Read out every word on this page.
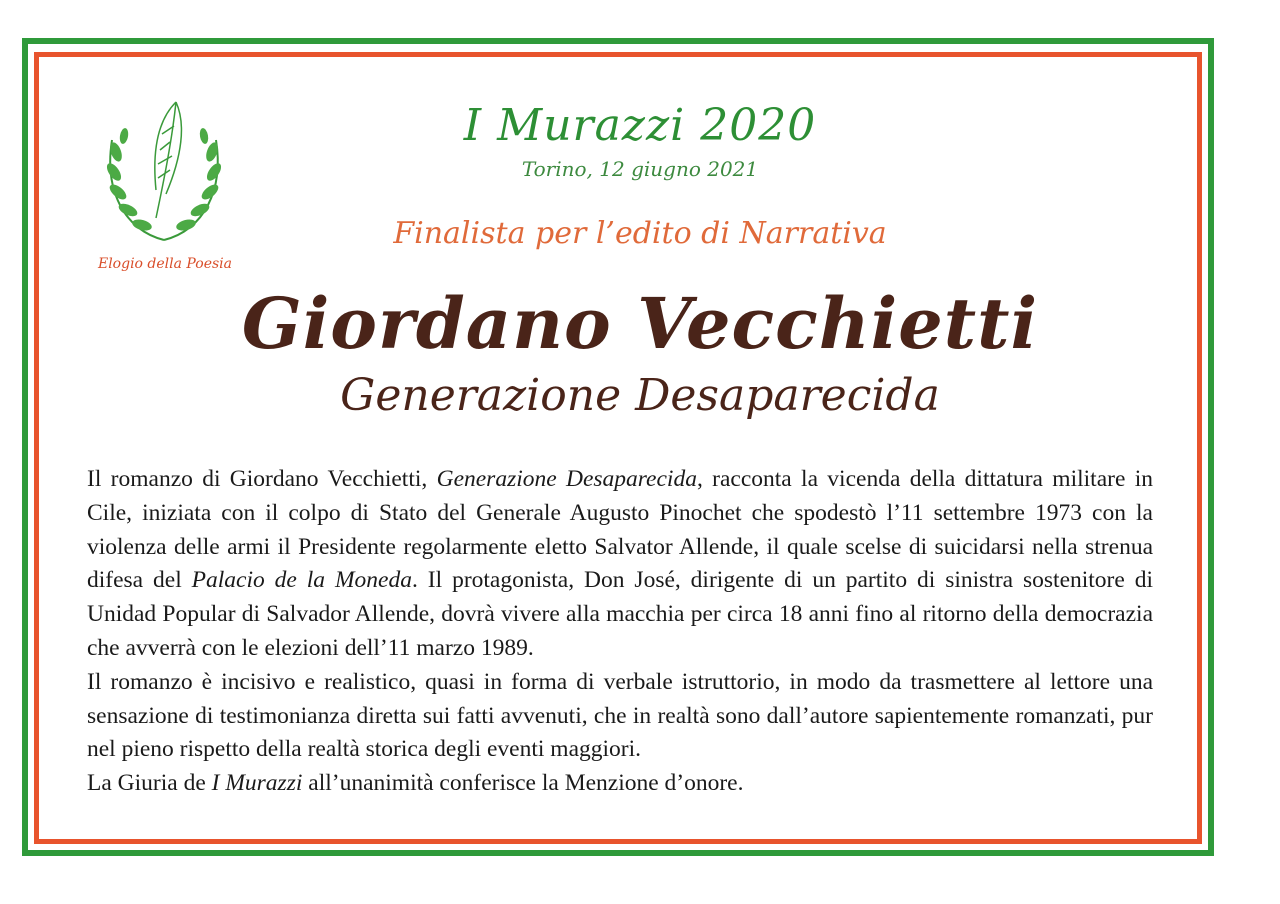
Elogio della Poesia
I Murazzi 2020
Torino, 12 giugno 2021
Finalista per l’edito di Narrativa
Giordano Vecchietti
Generazione Desaparecida

Il romanzo di Giordano Vecchietti, Generazione Desaparecida, racconta la vicenda della dittatura militare in Cile, iniziata con il colpo di Stato del Generale Augusto Pinochet che spodestò l’11 settembre 1973 con la violenza delle armi il Presidente regolarmente eletto Salvator Allende, il quale scelse di suicidarsi nella strenua difesa del Palacio de la Moneda. Il protagonista, Don José, dirigente di un partito di sinistra sostenitore di Unidad Popular di Salvador Allende, dovrà vivere alla macchia per circa 18 anni fino al ritorno della democrazia che avverrà con le elezioni dell’11 marzo 1989.

Il romanzo è incisivo e realistico, quasi in forma di verbale istruttorio, in modo da trasmettere al lettore una sensazione di testimonianza diretta sui fatti avvenuti, che in realtà sono dall’autore sapientemente romanzati, pur nel pieno rispetto della realtà storica degli eventi maggiori.

La Giuria de I Murazzi all’unanimità conferisce la Menzione d’onore.
